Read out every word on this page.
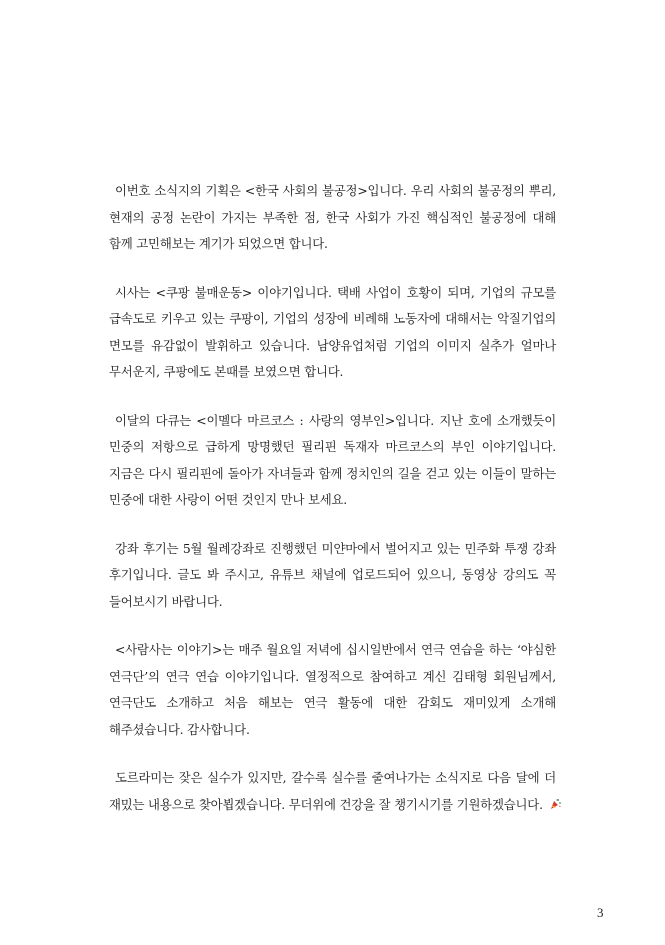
이번호 소식지의 기획은 <한국 사회의 불공정>입니다. 우리 사회의 불공정의 뿌리, 현재의 공정 논란이 가지는 부족한 점, 한국 사회가 가진 핵심적인 불공정에 대해 함께 고민해보는 계기가 되었으면 합니다.

시사는 <쿠팡 불매운동> 이야기입니다. 택배 사업이 호황이 되며, 기업의 규모를 급속도로 키우고 있는 쿠팡이, 기업의 성장에 비례해 노동자에 대해서는 악질기업의 면모를 유감없이 발휘하고 있습니다. 남양유업처럼 기업의 이미지 실추가 얼마나 무서운지, 쿠팡에도 본때를 보였으면 합니다.

이달의 다큐는 <이멜다 마르코스 : 사랑의 영부인>입니다. 지난 호에 소개했듯이 민중의 저항으로 급하게 망명했던 필리핀 독재자 마르코스의 부인 이야기입니다. 지금은 다시 필리핀에 돌아가 자녀들과 함께 정치인의 길을 걷고 있는 이들이 말하는 민중에 대한 사랑이 어떤 것인지 만나 보세요.

강좌 후기는 5월 월례강좌로 진행했던 미얀마에서 벌어지고 있는 민주화 투쟁 강좌 후기입니다. 글도 봐 주시고, 유튜브 채널에 업로드되어 있으니, 동영상 강의도 꼭 들어보시기 바랍니다.

<사람사는 이야기>는 매주 월요일 저녁에 십시일반에서 연극 연습을 하는 ‘야심한 연극단’의 연극 연습 이야기입니다. 열정적으로 참여하고 계신 김태형 회원님께서, 연극단도 소개하고 처음 해보는 연극 활동에 대한 감회도 재미있게 소개해 해주셨습니다. 감사합니다.

도르라미는 잦은 실수가 있지만, 갈수록 실수를 줄여나가는 소식지로 다음 달에 더 재밌는 내용으로 찾아뵙겠습니다. 무더위에 건강을 잘 챙기시기를 기원하겠습니다.

3
